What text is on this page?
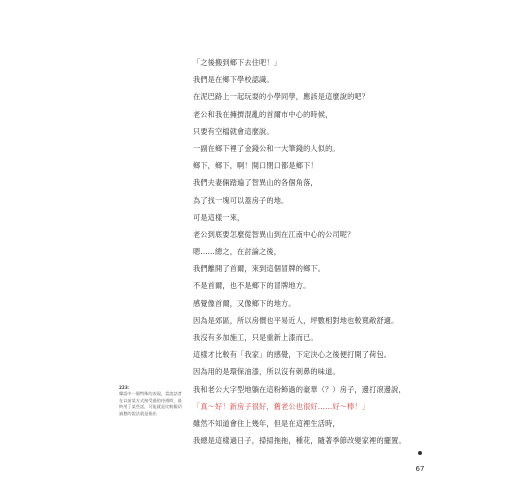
「之後搬到鄉下去住吧！」
我們是在鄉下學校認識。
在泥巴路上一起玩耍的小學同學，應該是這麼說的吧？
老公和我在擁擠混亂的首爾市中心的時候，
只要有空檔就會這麼說。
一副在鄉下裡了金錢公和一大筆錢的人似的。
鄉下，鄉下，啊！開口閉口都是鄉下！
我們夫妻倆踏遍了智異山的各個角落，
為了找一塊可以蓋房子的地。
可是這樣一來，
老公到底要怎麼從智異山到在江南中心的公司呢？
嗯……總之，在討論之後，
我們離開了首爾，來到這個冒牌的鄉下。
不是首爾，也不是鄉下的冒牌地方。
感覺像首爾，又像鄉下的地方。
因為是郊區，所以房價也平易近人，坪數相對地也較寬敞舒適。
我沒有多加施工，只是重新上漆而已。
這樣才比較有「我家」的感覺，下定決心之後便打開了荷包。
因為用的是環保油漆，所以沒有刺鼻的味道。
我和老公大字型地躺在這粉飾過的豪華（？）房子，邊打滾邊說，
「真～好！新房子很好，舊老公也很好……好～棒！」
雖然不知道會住上幾年，但是在這裡生活時，
我總是這樣過日子，掃掃拖拖，種花，隨著季節改變家裡的擺置。
223：
韓語中一個特殊的表現，當說話者在以前某方式接受過的待遇時，最終用了某些話，可能就是比較親切誠懇的說法就是指出
67
